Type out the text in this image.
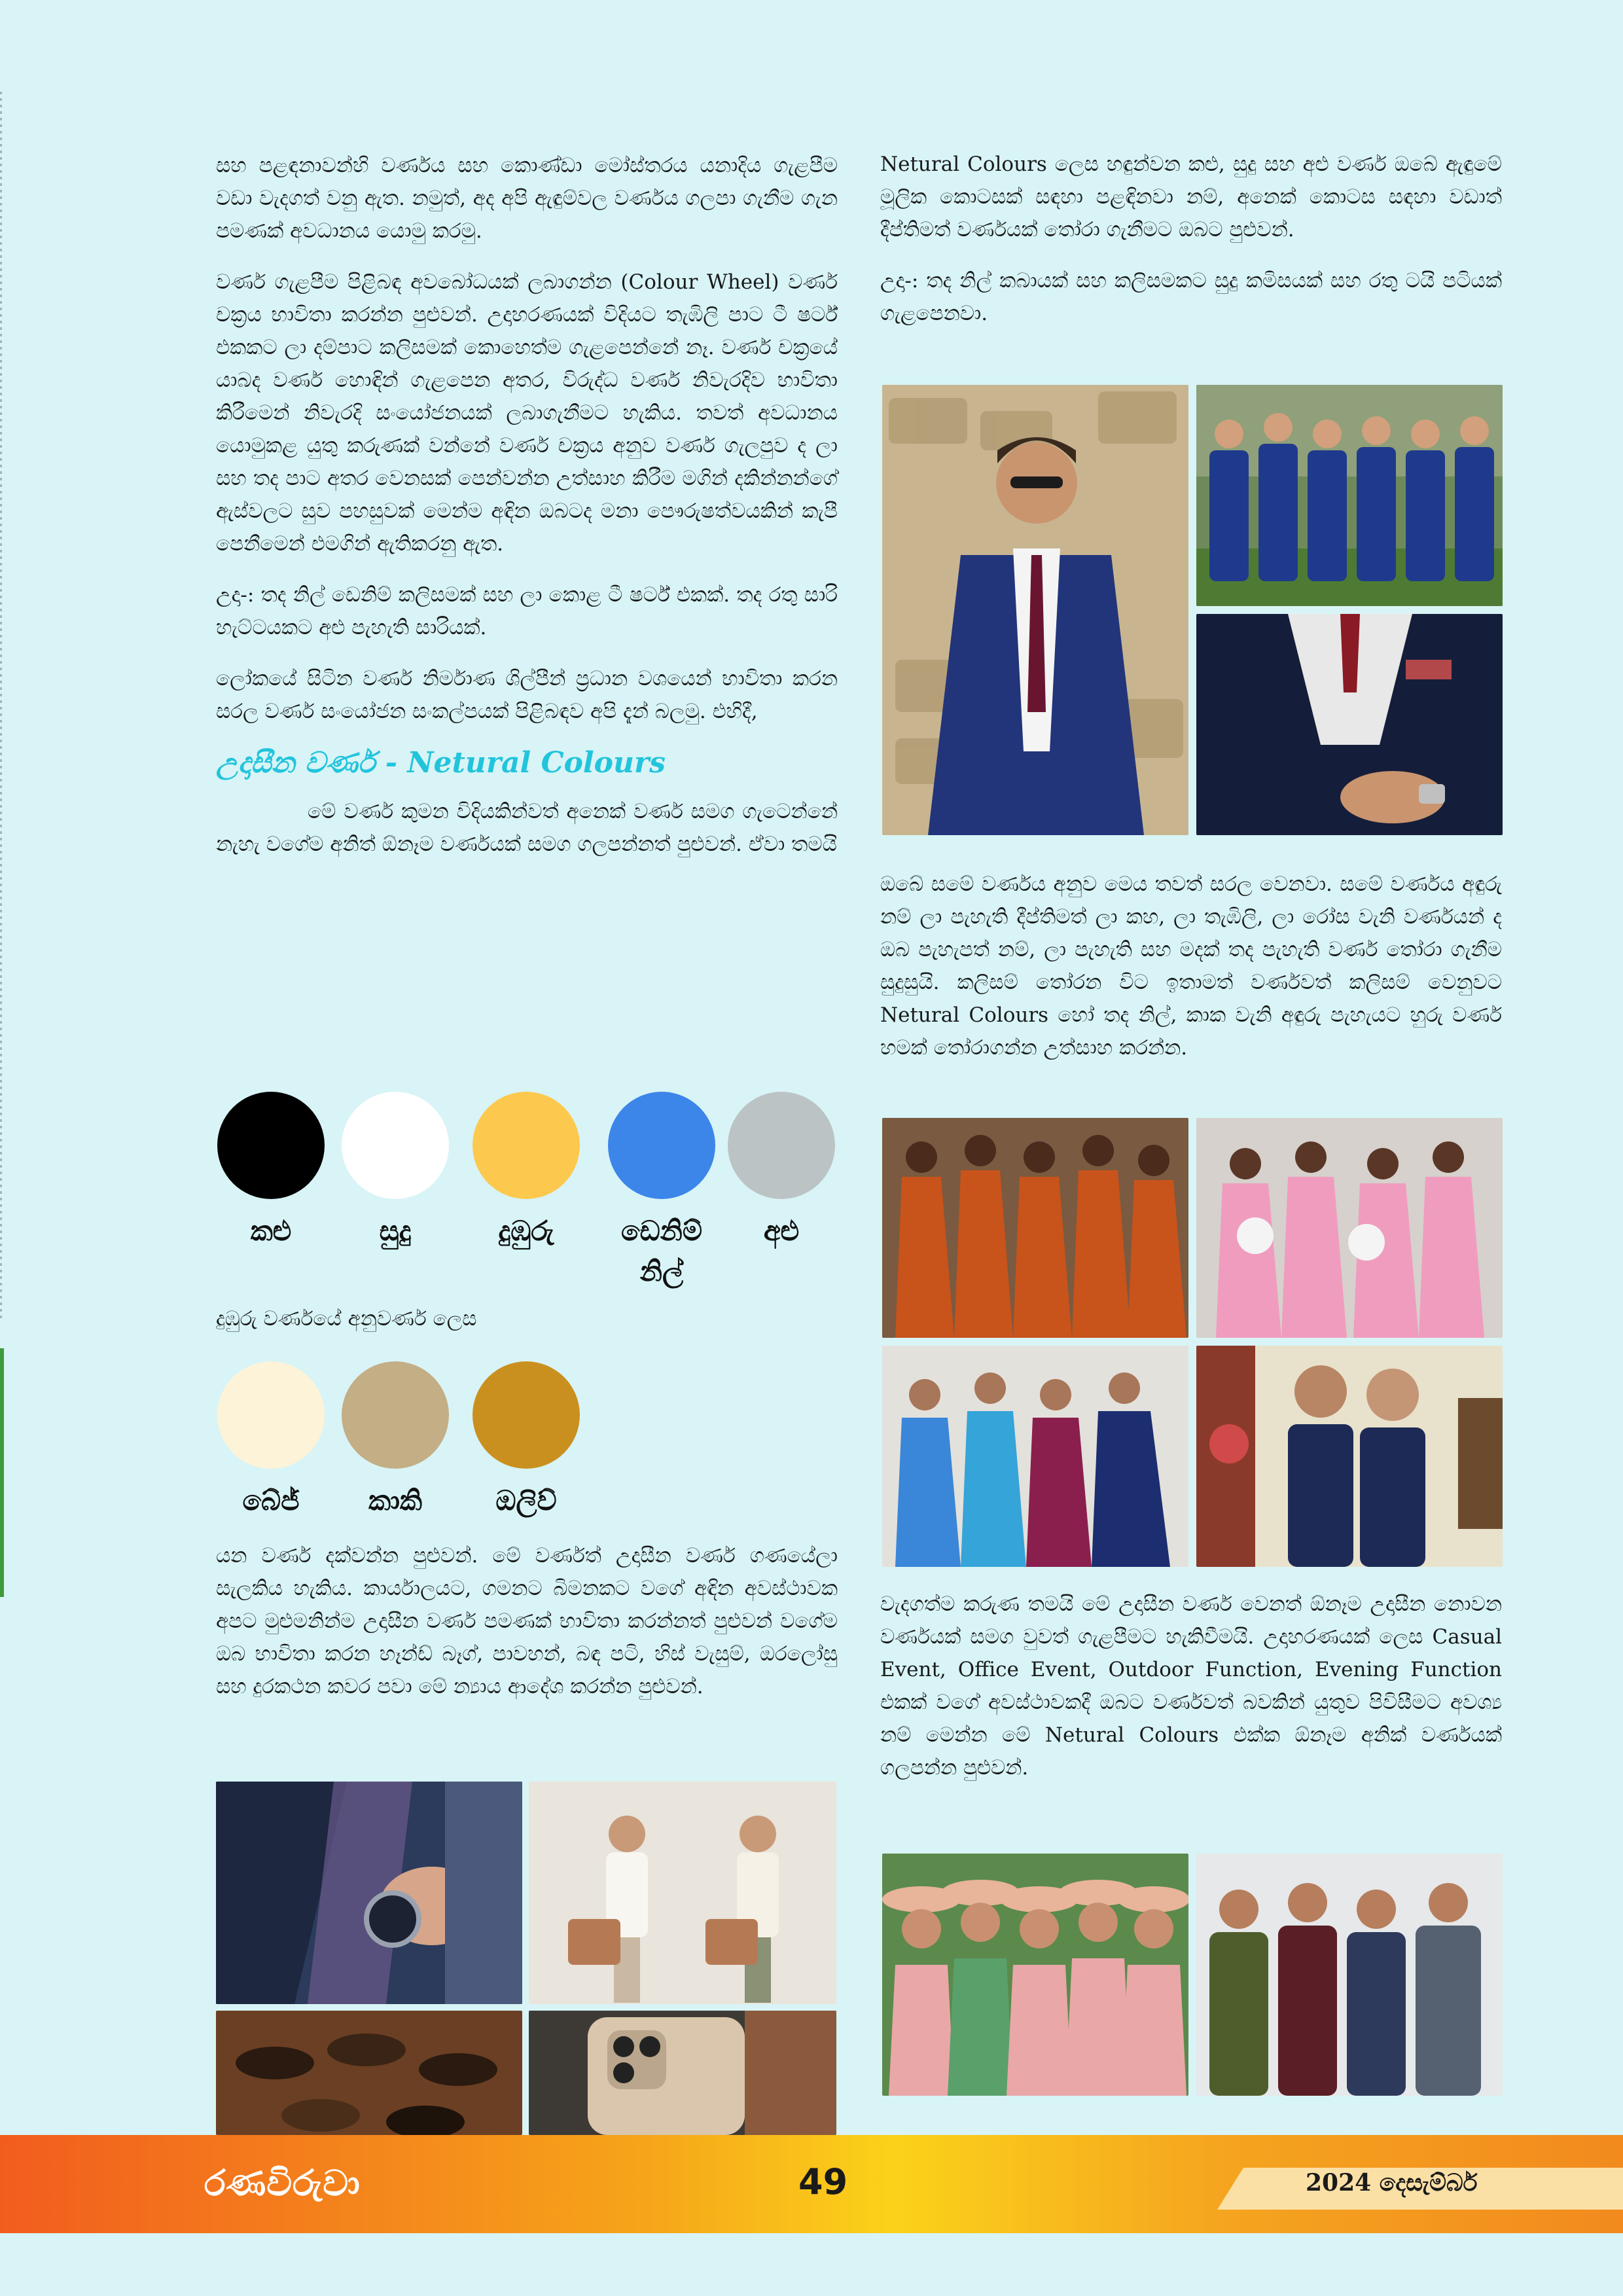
සහ පළඳනාවන්හි වර්ණය සහ කොණ්ඩා මෝස්තරය යනාදිය ගැළපීම වඩා වැදගත් වනු ඇත. නමුත්, අද අපි ඇඳුම්වල වර්ණය ගලපා ගැනීම ගැන පමණක් අවධානය යොමු කරමු.

වර්ණ ගැළපීම පිළිබඳ අවබෝධයක් ලබාගන්න (Colour Wheel) වර්ණ චක්‍රය භාවිතා කරන්න පුළුවන්. උදාහරණයක් විදියට තැඹිලි පාට ටී ෂර්ට් එකකට ලා දම්පාට කලිසමක් කොහෙත්ම ගැළපෙන්නේ නෑ. වර්ණ චක්‍රයේ යාබද වර්ණ හොඳින් ගැළපෙන අතර, විරුද්ධ වර්ණ නිවැරදිව භාවිතා කිරීමෙන් නිවැරදි සංයෝජනයක් ලබාගැනීමට හැකිය. තවත් අවධානය යොමුකළ යුතු කරුණක් වන්නේ වර්ණ චක්‍රය අනුව වර්ණ ගැලපුව ද ලා සහ තද පාට අතර වෙනසක් පෙන්වන්න උත්සාහ කිරීම මගින් දකින්නන්ගේ ඇස්වලට සුව පහසුවක් මෙන්ම අඳින ඔබටද මනා පෞරුෂත්වයකින් කැපී පෙනීමෙන් එමගින් ඇතිකරනු ඇත.

උදා-: තද නිල් ඩෙනිම් කලිසමක් සහ ලා කොළ ටී ෂර්ට් එකක්. තද රතු සාරි හැට්ටයකට අළු පැහැති සාරියක්.

ලෝකයේ සිටින වර්ණ නිර්මාණ ශිල්පීන් ප්‍රධාන වශයෙන් භාවිතා කරන සරල වර්ණ සංයෝජන සංකල්පයක් පිළිබඳව අපි දැන් බලමු. එහිදී,

උදාසීන වර්ණ - Netural Colours

මේ වර්ණ කුමන විදියකින්වත් අනෙක් වර්ණ සමග ගැටෙන්නේ නැහැ වගේම අනිත් ඕනෑම වර්ණයක් සමග ගලපන්නත් පුළුවන්. ඒවා තමයි

කළු	සුදු	දුඹුරු	ඩෙනිම් නිල්
අළු

දුඹුරු වර්ණයේ අනුවර්ණ ලෙස

බේජ්	කාකි	ඔලිව්

යන වර්ණ දක්වන්න පුළුවන්. මේ වර්ණත් උදාසීන වර්ණ ගණයේලා සැලකිය හැකිය. කාර්යාලයට, ගමනට බිමනකට වගේ අඳින අවස්ථාවක අපට මුළුමනින්ම උදාසීන වර්ණ පමණක් භාවිතා කරන්නත් පුළුවන් වගේම ඔබ භාවිතා කරන හෑන්ඩ් බෑග්, පාවහන්, බඳ පටි, හිස් වැසුම්, ඔරලෝසු සහ දුරකථන කවර පවා මේ න්‍යාය ආදේශ කරන්න පුළුවන්.

Netural Colours ලෙස හඳුන්වන කළු, සුදු සහ අළු වර්ණ ඔබේ ඇඳුමේ මූලික කොටසක් සඳහා පළඳිනවා නම්, අනෙක් කොටස සඳහා වඩාත් දීප්තිමත් වර්ණයක් තෝරා ගැනීමට ඔබට පුළුවන්.

උදා-: තද නිල් කබායක් සහ කලිසමකට සුදු කමිසයක් සහ රතු ටයි පටියක් ගැළපෙනවා.

ඔබේ සමේ වර්ණය අනුව මෙය තවත් සරල වෙනවා. සමේ වර්ණය අඳුරු නම් ලා පැහැති දීප්තිමත් ලා කහ, ලා තැඹිලි, ලා රෝස වැනි වර්ණයන් ද ඔබ පැහැපත් නම්, ලා පැහැති සහ මදක් තද පැහැති වර්ණ තෝරා ගැනීම සුදුසුයි. කලිසම් තෝරන විට ඉතාමත් වර්ණවත් කලිසම් වෙනුවට Netural Colours හෝ තද නිල්, කාක වැනි අඳුරු පැහැයට හුරු වර්ණ හමක් තෝරාගන්න උත්සාහ කරන්න.

වැදගත්ම කරුණ තමයි මේ උදාසීන වර්ණ වෙනත් ඕනෑම උදාසීන නොවන වර්ණයක් සමග වුවත් ගැළපීමට හැකිවීමයි. උදාහරණයක් ලෙස Casual Event, Office Event, Outdoor Function, Evening Function එකක් වගේ අවස්ථාවකදී ඔබට වර්ණවත් බවකින් යුතුව පිවිසීමට අවශ්‍ය නම් මෙන්න මේ Netural Colours එක්ක ඕනෑම අනික් වර්ණයක් ගලපන්න පුළුවන්.

රණවිරුවා	49	2024 දෙසැම්බර්
